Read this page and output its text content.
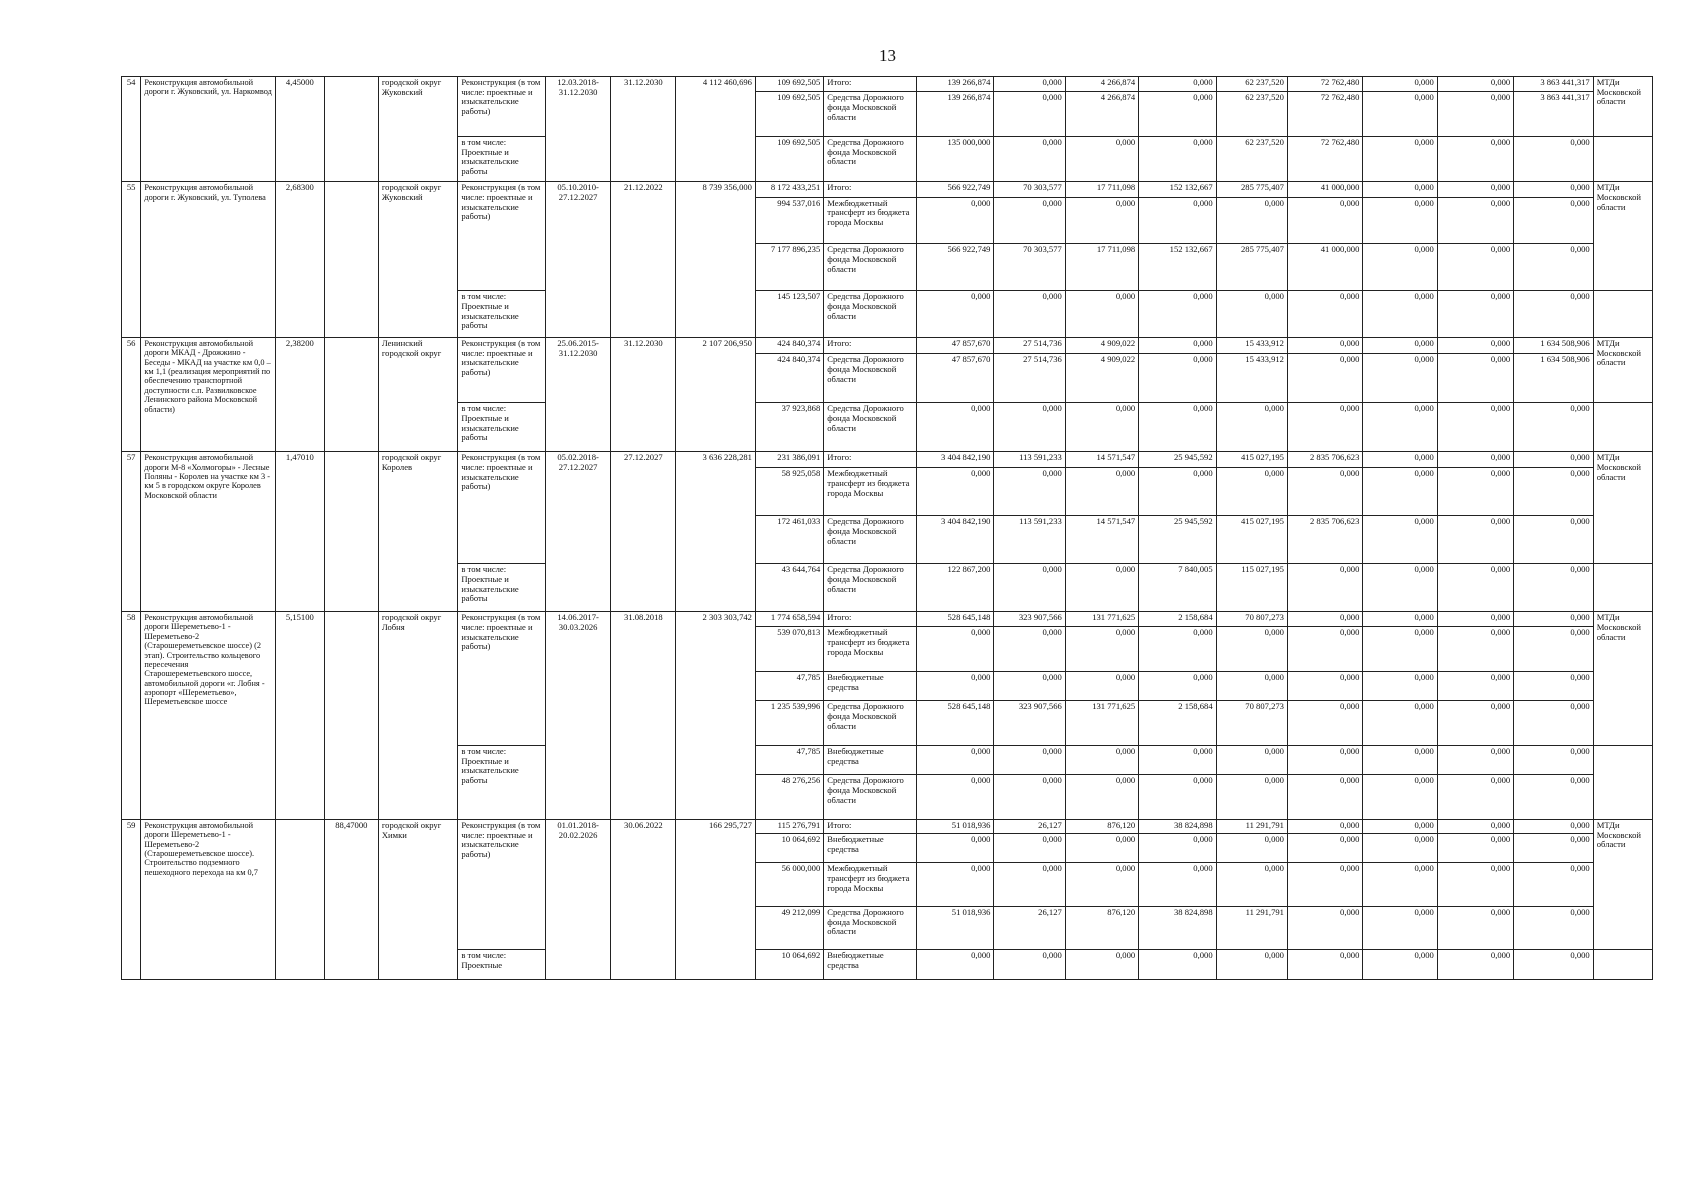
13
54	Реконструкция автомобильной дороги г. Жуковский, ул. Наркомвод	4,45000		городской округ Жуковский	Реконструкция (в том числе: проектные и изыскательские работы)	12.03.2018-31.12.2030	31.12.2030	4 112 460,696	109 692,505	Итого:	139 266,874	0,000	4 266,874	0,000	62 237,520	72 762,480	0,000	0,000	3 863 441,317	МТДи Московской области
									109 692,505	Средства Дорожного фонда Московской области	139 266,874	0,000	4 266,874	0,000	62 237,520	72 762,480	0,000	0,000	3 863 441,317	
					в том числе: Проектные и изыскательские работы				109 692,505	Средства Дорожного фонда Московской области	135 000,000	0,000	0,000	0,000	62 237,520	72 762,480	0,000	0,000	0,000	
55	Реконструкция автомобильной дороги г. Жуковский, ул. Туполева	2,68300		городской округ Жуковский	Реконструкция (в том числе: проектные и изыскательские работы)	05.10.2010-27.12.2027	21.12.2022	8 739 356,000	8 172 433,251	Итого:	566 922,749	70 303,577	17 711,098	152 132,667	285 775,407	41 000,000	0,000	0,000	0,000	МТДи Московской области
									994 537,016	Межбюджетный трансферт из бюджета города Москвы	0,000	0,000	0,000	0,000	0,000	0,000	0,000	0,000	0,000	
									7 177 896,235	Средства Дорожного фонда Московской области	566 922,749	70 303,577	17 711,098	152 132,667	285 775,407	41 000,000	0,000	0,000	0,000	
					в том числе: Проектные и изыскательские работы				145 123,507	Средства Дорожного фонда Московской области	0,000	0,000	0,000	0,000	0,000	0,000	0,000	0,000	0,000	
56	Реконструкция автомобильной дороги МКАД - Дрожжино - Беседы - МКАД на участке км 0,0 – км 1,1 (реализация мероприятий по обеспечению транспортной доступности с.п. Развилковское Ленинского района Московской области)	2,38200		Ленинский городской округ	Реконструкция (в том числе: проектные и изыскательские работы)	25.06.2015-31.12.2030	31.12.2030	2 107 206,950	424 840,374	Итого:	47 857,670	27 514,736	4 909,022	0,000	15 433,912	0,000	0,000	0,000	1 634 508,906	МТДи Московской области
									424 840,374	Средства Дорожного фонда Московской области	47 857,670	27 514,736	4 909,022	0,000	15 433,912	0,000	0,000	0,000	1 634 508,906	
					в том числе: Проектные и изыскательские работы				37 923,868	Средства Дорожного фонда Московской области	0,000	0,000	0,000	0,000	0,000	0,000	0,000	0,000	0,000	
57	Реконструкция автомобильной дороги М-8 «Холмогоры» - Лесные Поляны - Королев на участке км 3 - км 5 в городском округе Королев Московской области	1,47010		городской округ Королев	Реконструкция (в том числе: проектные и изыскательские работы)	05.02.2018-27.12.2027	27.12.2027	3 636 228,281	231 386,091	Итого:	3 404 842,190	113 591,233	14 571,547	25 945,592	415 027,195	2 835 706,623	0,000	0,000	0,000	МТДи Московской области
									58 925,058	Межбюджетный трансферт из бюджета города Москвы	0,000	0,000	0,000	0,000	0,000	0,000	0,000	0,000	0,000	
									172 461,033	Средства Дорожного фонда Московской области	3 404 842,190	113 591,233	14 571,547	25 945,592	415 027,195	2 835 706,623	0,000	0,000	0,000	
					в том числе: Проектные и изыскательские работы				43 644,764	Средства Дорожного фонда Московской области	122 867,200	0,000	0,000	7 840,005	115 027,195	0,000	0,000	0,000	0,000	
58	Реконструкция автомобильной дороги Шереметьево-1 - Шереметьево-2 (Старошереметьевское шоссе) (2 этап). Строительство кольцевого пересечения Старошереметьевского шоссе, автомобильной дороги «г. Лобня - аэропорт «Шереметьево», Шереметьевское шоссе	5,15100		городской округ Лобня	Реконструкция (в том числе: проектные и изыскательские работы)	14.06.2017-30.03.2026	31.08.2018	2 303 303,742	1 774 658,594	Итого:	528 645,148	323 907,566	131 771,625	2 158,684	70 807,273	0,000	0,000	0,000	0,000	МТДи Московской области
									539 070,813	Межбюджетный трансферт из бюджета города Москвы	0,000	0,000	0,000	0,000	0,000	0,000	0,000	0,000	0,000	
									47,785	Внебюджетные средства	0,000	0,000	0,000	0,000	0,000	0,000	0,000	0,000	0,000	
									1 235 539,996	Средства Дорожного фонда Московской области	528 645,148	323 907,566	131 771,625	2 158,684	70 807,273	0,000	0,000	0,000	0,000	
					в том числе: Проектные и изыскательские работы				47,785	Внебюджетные средства	0,000	0,000	0,000	0,000	0,000	0,000	0,000	0,000	0,000	
									48 276,256	Средства Дорожного фонда Московской области	0,000	0,000	0,000	0,000	0,000	0,000	0,000	0,000	0,000	
59	Реконструкция автомобильной дороги Шереметьево-1 - Шереметьево-2 (Старошереметьевское шоссе). Строительство подземного пешеходного перехода на км 0,7		88,47000	городской округ Химки	Реконструкция (в том числе: проектные и изыскательские работы)	01.01.2018-20.02.2026	30.06.2022	166 295,727	115 276,791	Итого:	51 018,936	26,127	876,120	38 824,898	11 291,791	0,000	0,000	0,000	0,000	МТДи Московской области
									10 064,692	Внебюджетные средства	0,000	0,000	0,000	0,000	0,000	0,000	0,000	0,000	0,000	
									56 000,000	Межбюджетный трансферт из бюджета города Москвы	0,000	0,000	0,000	0,000	0,000	0,000	0,000	0,000	0,000	
									49 212,099	Средства Дорожного фонда Московской области	51 018,936	26,127	876,120	38 824,898	11 291,791	0,000	0,000	0,000	0,000	
					в том числе: Проектные				10 064,692	Внебюджетные средства	0,000	0,000	0,000	0,000	0,000	0,000	0,000	0,000	0,000	
